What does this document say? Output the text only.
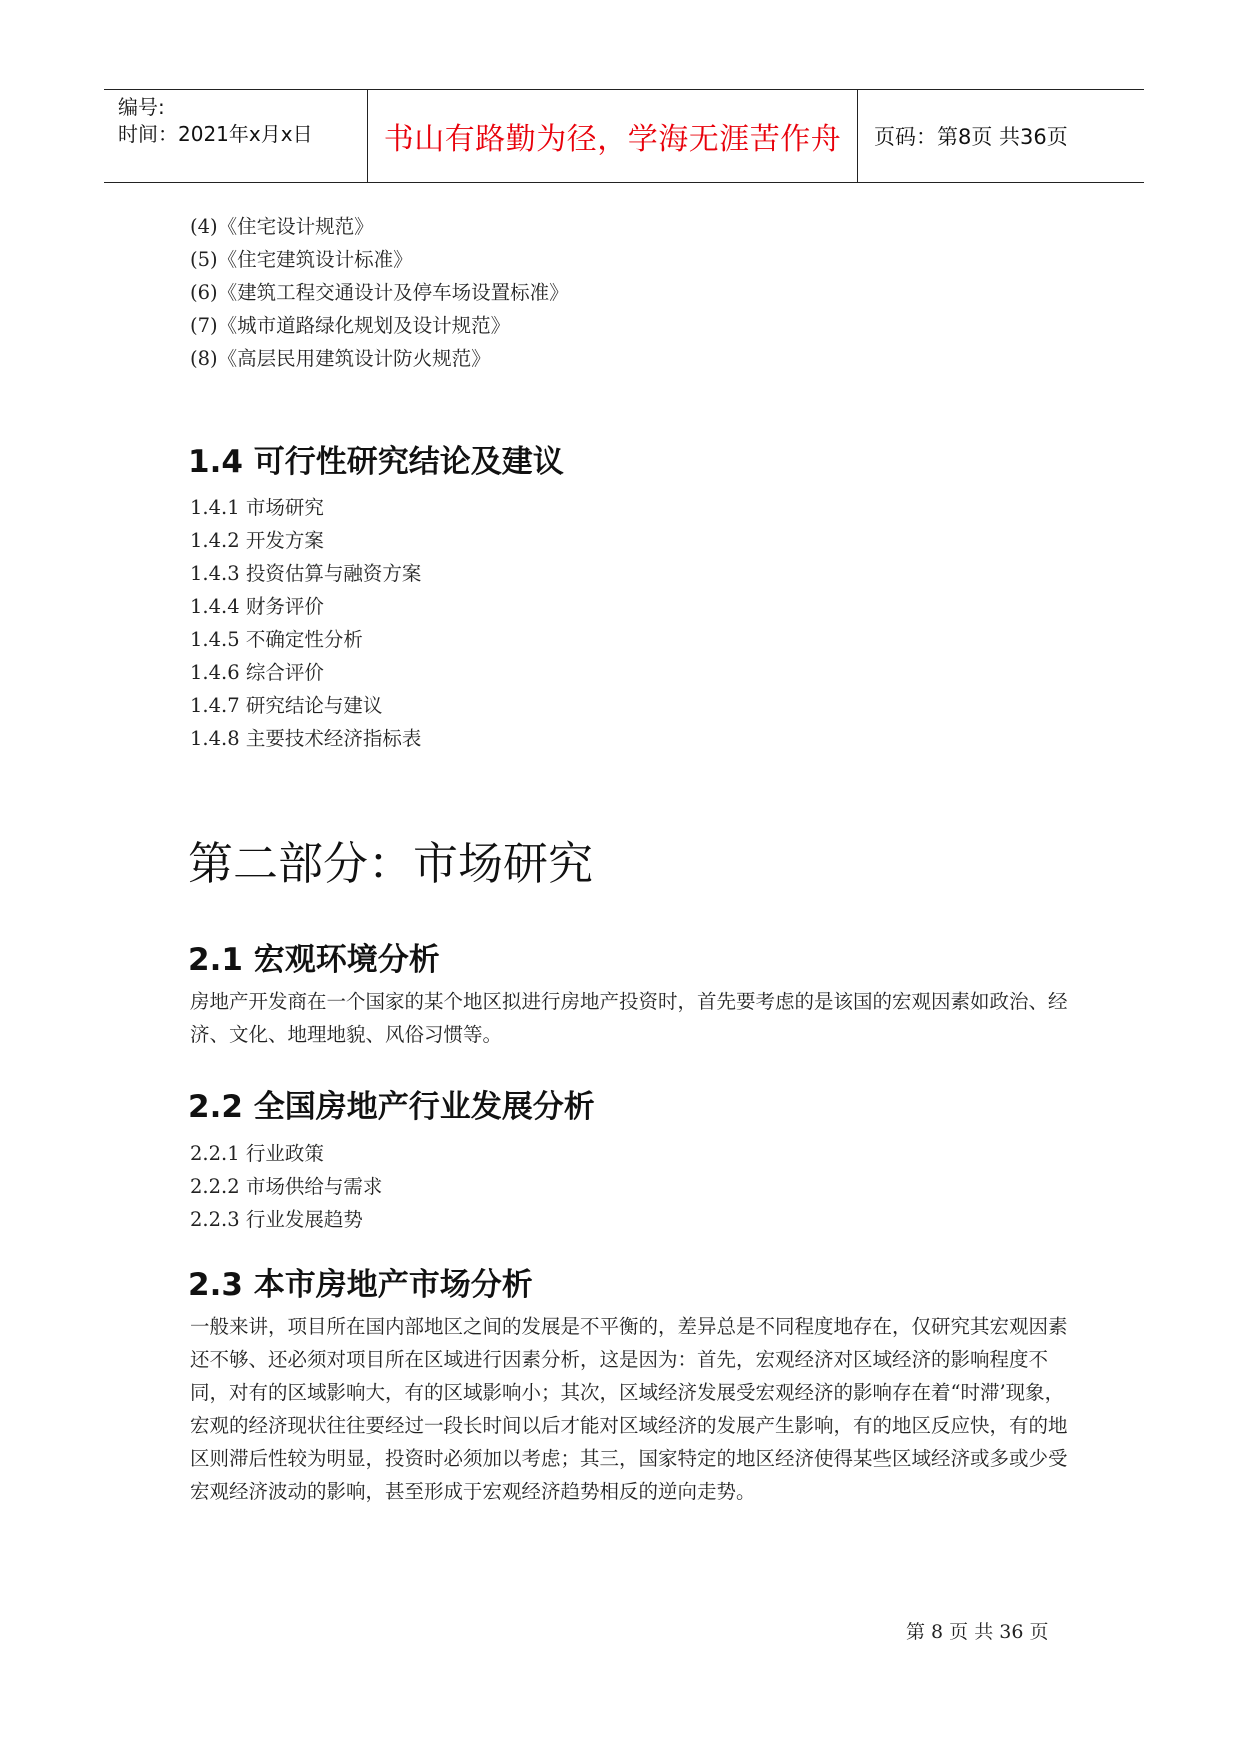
编号:
时间：2021年x月x日	书山有路勤为径，学海无涯苦作舟	页码：第8页 共36页
(4)《住宅设计规范》
(5)《住宅建筑设计标准》
(6)《建筑工程交通设计及停车场设置标准》
(7)《城市道路绿化规划及设计规范》
(8)《高层民用建筑设计防火规范》
1.4 可行性研究结论及建议
1.4.1 市场研究
1.4.2 开发方案
1.4.3 投资估算与融资方案
1.4.4 财务评价
1.4.5 不确定性分析
1.4.6 综合评价
1.4.7 研究结论与建议
1.4.8 主要技术经济指标表
第二部分：市场研究
2.1 宏观环境分析
房地产开发商在一个国家的某个地区拟进行房地产投资时，首先要考虑的是该国的宏观因素如政治、经济、文化、地理地貌、风俗习惯等。
2.2 全国房地产行业发展分析
2.2.1 行业政策
2.2.2 市场供给与需求
2.2.3 行业发展趋势
2.3 本市房地产市场分析
一般来讲，项目所在国内部地区之间的发展是不平衡的，差异总是不同程度地存在，仅研究其宏观因素还不够、还必须对项目所在区域进行因素分析，这是因为：首先，宏观经济对区域经济的影响程度不同，对有的区域影响大，有的区域影响小；其次，区域经济发展受宏观经济的影响存在着“时滞’现象，宏观的经济现状往往要经过一段长时间以后才能对区域经济的发展产生影响，有的地区反应快，有的地区则滞后性较为明显，投资时必须加以考虑；其三，国家特定的地区经济使得某些区域经济或多或少受宏观经济波动的影响，甚至形成于宏观经济趋势相反的逆向走势。
第 8 页 共 36 页
